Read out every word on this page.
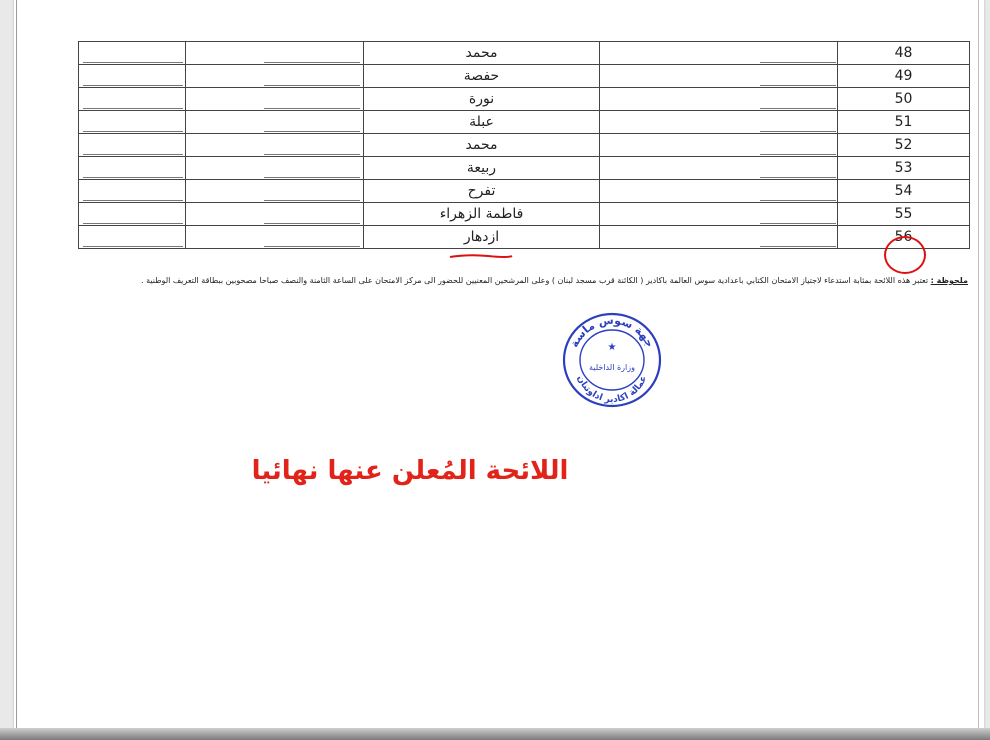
	محمد		48

	حفصة		49

	نورة		50

	عبلة		51

	محمد		52

	ربيعة		53

	تفرح		54

	فاطمة الزهراء		55

	ازدهار		56
ملحوظة : تعتبر هذه اللائحة بمثابة استدعاء لاجتياز الامتحان الكتابي باعدادية سوس العالمة باكادير ( الكائنة قرب مسجد لبنان ) وعلى المرشحين المعنيين للحضور الى مركز الامتحان على الساعة الثامنة والنصف صباحا مصحوبين ببطاقة التعريف الوطنية .
جهة سوس ماسة
عمالة اكادير اداوتنان
★
وزارة الداخلية
اللائحة المُعلن عنها نهائيا
